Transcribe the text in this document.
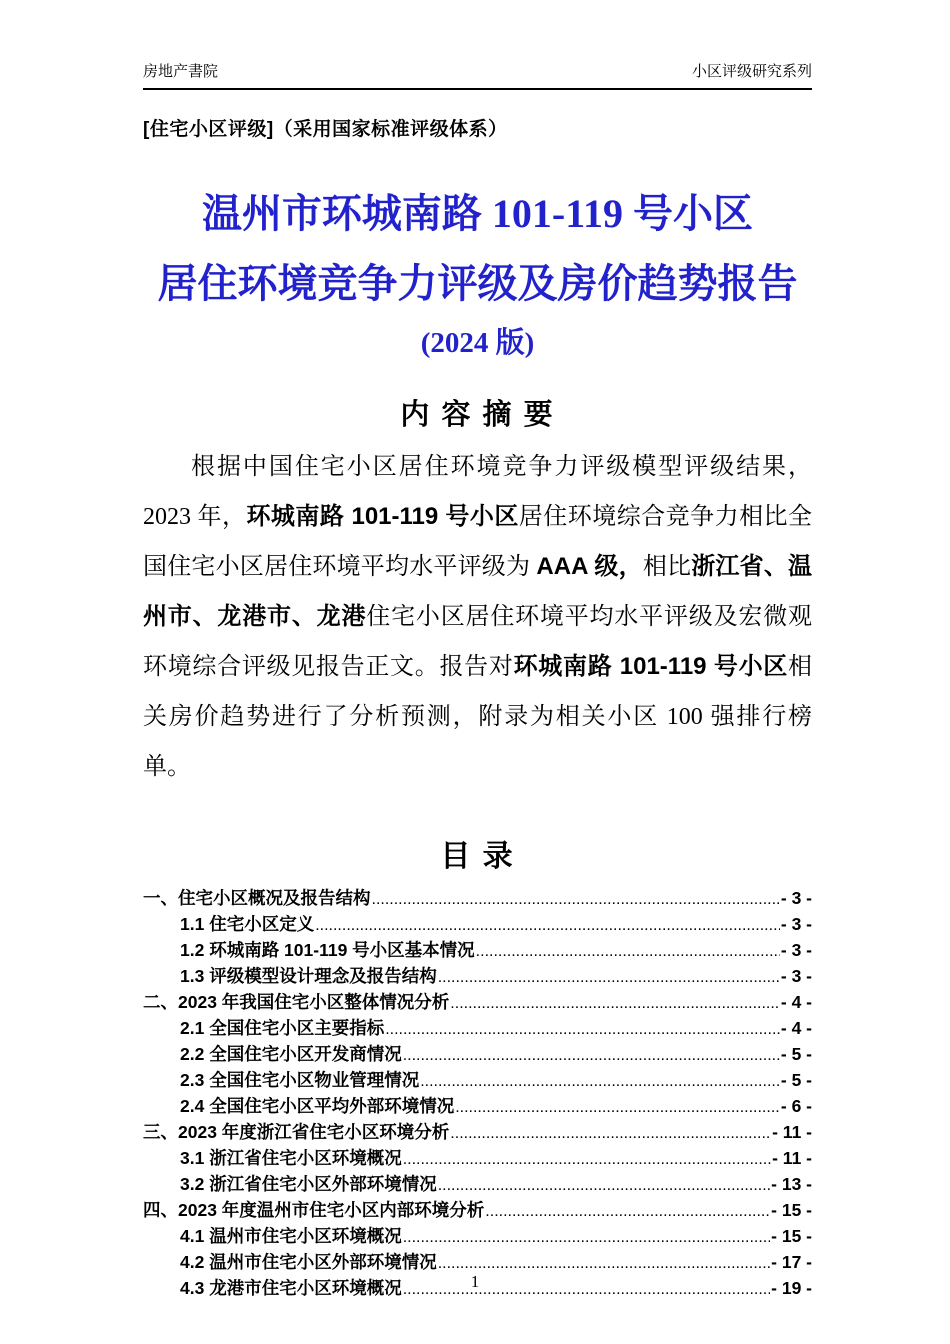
房地产書院	小区评级研究系列
[住宅小区评级]（采用国家标准评级体系）
温州市环城南路 101-119 号小区
居住环境竞争力评级及房价趋势报告
(2024 版)
内 容 摘 要
根据中国住宅小区居住环境竞争力评级模型评级结果，2023 年，环城南路 101-119 号小区居住环境综合竞争力相比全国住宅小区居住环境平均水平评级为 AAA 级，相比浙江省、温州市、龙港市、龙港住宅小区居住环境平均水平评级及宏微观环境综合评级见报告正文。报告对环城南路 101-119 号小区相关房价趋势进行了分析预测，附录为相关小区 100 强排行榜单。
目 录
一、住宅小区概况及报告结构 .....	- 3 -
1.1 住宅小区定义 .....	- 3 -
1.2 环城南路 101-119 号小区基本情况 .....	- 3 -
1.3 评级模型设计理念及报告结构 .....	- 3 -
二、2023 年我国住宅小区整体情况分析 .....	- 4 -
2.1 全国住宅小区主要指标 .....	- 4 -
2.2 全国住宅小区开发商情况 .....	- 5 -
2.3 全国住宅小区物业管理情况 .....	- 5 -
2.4 全国住宅小区平均外部环境情况 .....	- 6 -
三、2023 年度浙江省住宅小区环境分析 .....	- 11 -
3.1 浙江省住宅小区环境概况 .....	- 11 -
3.2 浙江省住宅小区外部环境情况 .....	- 13 -
四、2023 年度温州市住宅小区内部环境分析 .....	- 15 -
4.1 温州市住宅小区环境概况 .....	- 15 -
4.2 温州市住宅小区外部环境情况 .....	- 17 -
4.3 龙港市住宅小区环境概况 .....	- 19 -
1
